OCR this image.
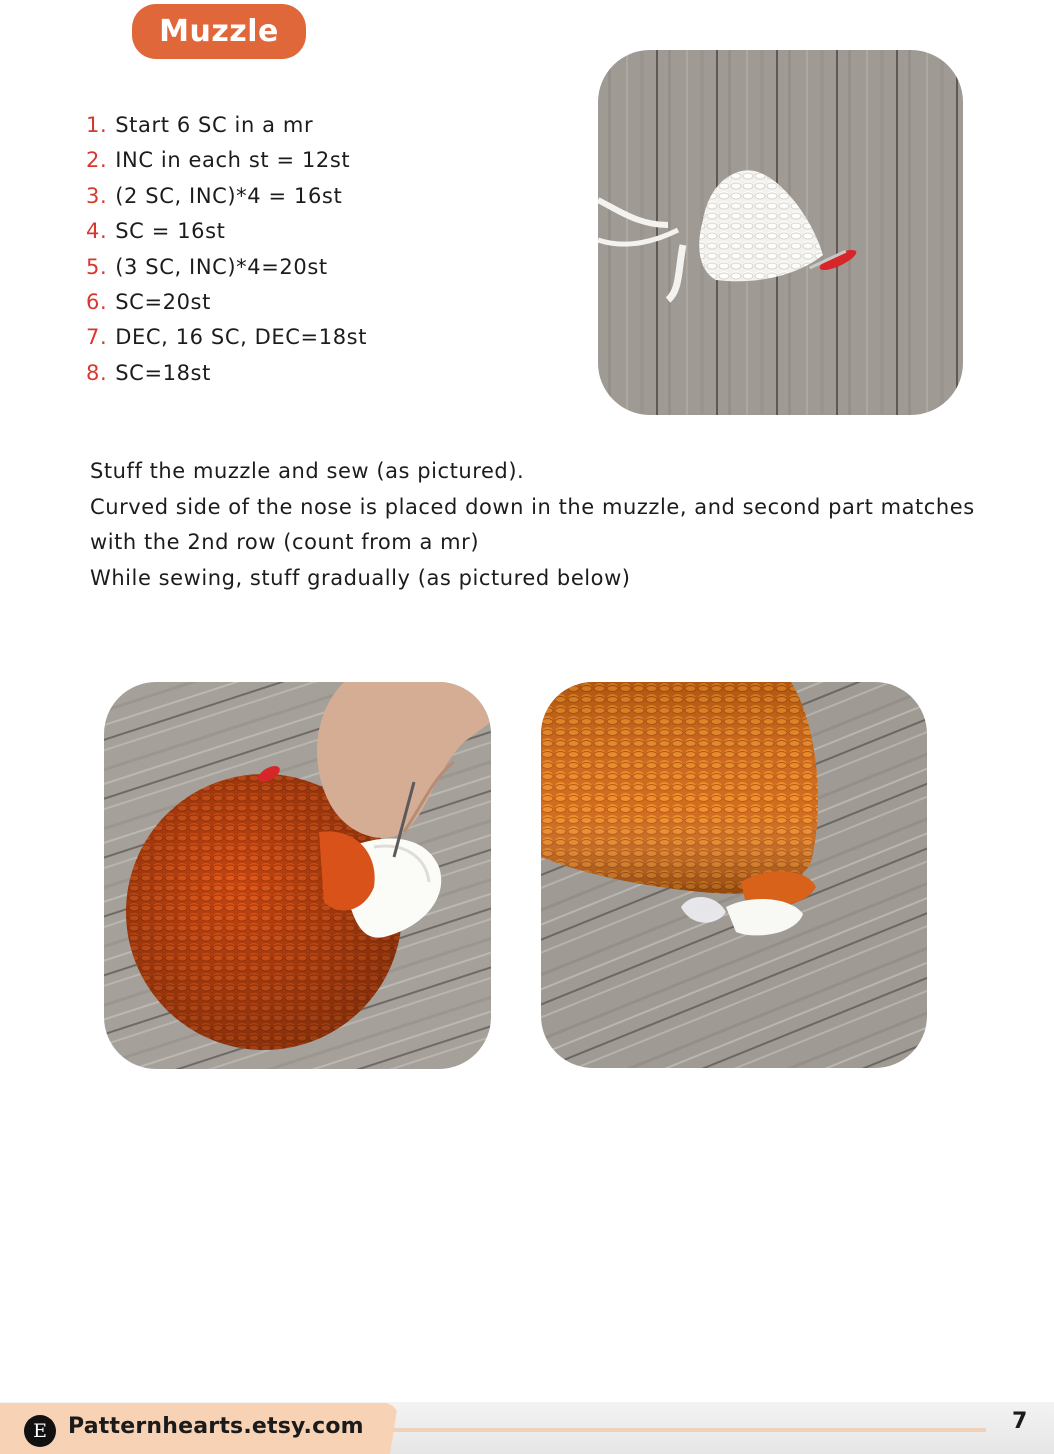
Muzzle
1. Start 6 SC in a mr
2. INC in each st = 12st
3. (2 SC, INC)*4 = 16st
4. SC = 16st
5. (3 SC, INC)*4=20st
6. SC=20st
7. DEC, 16 SC, DEC=18st
8. SC=18st

Stuff the muzzle and sew (as pictured).

Curved side of the nose is placed down in the muzzle, and second part matches with the 2nd row (count from a mr)

While sewing, stuff gradually (as pictured below)

E Patternhearts.etsy.com	7
